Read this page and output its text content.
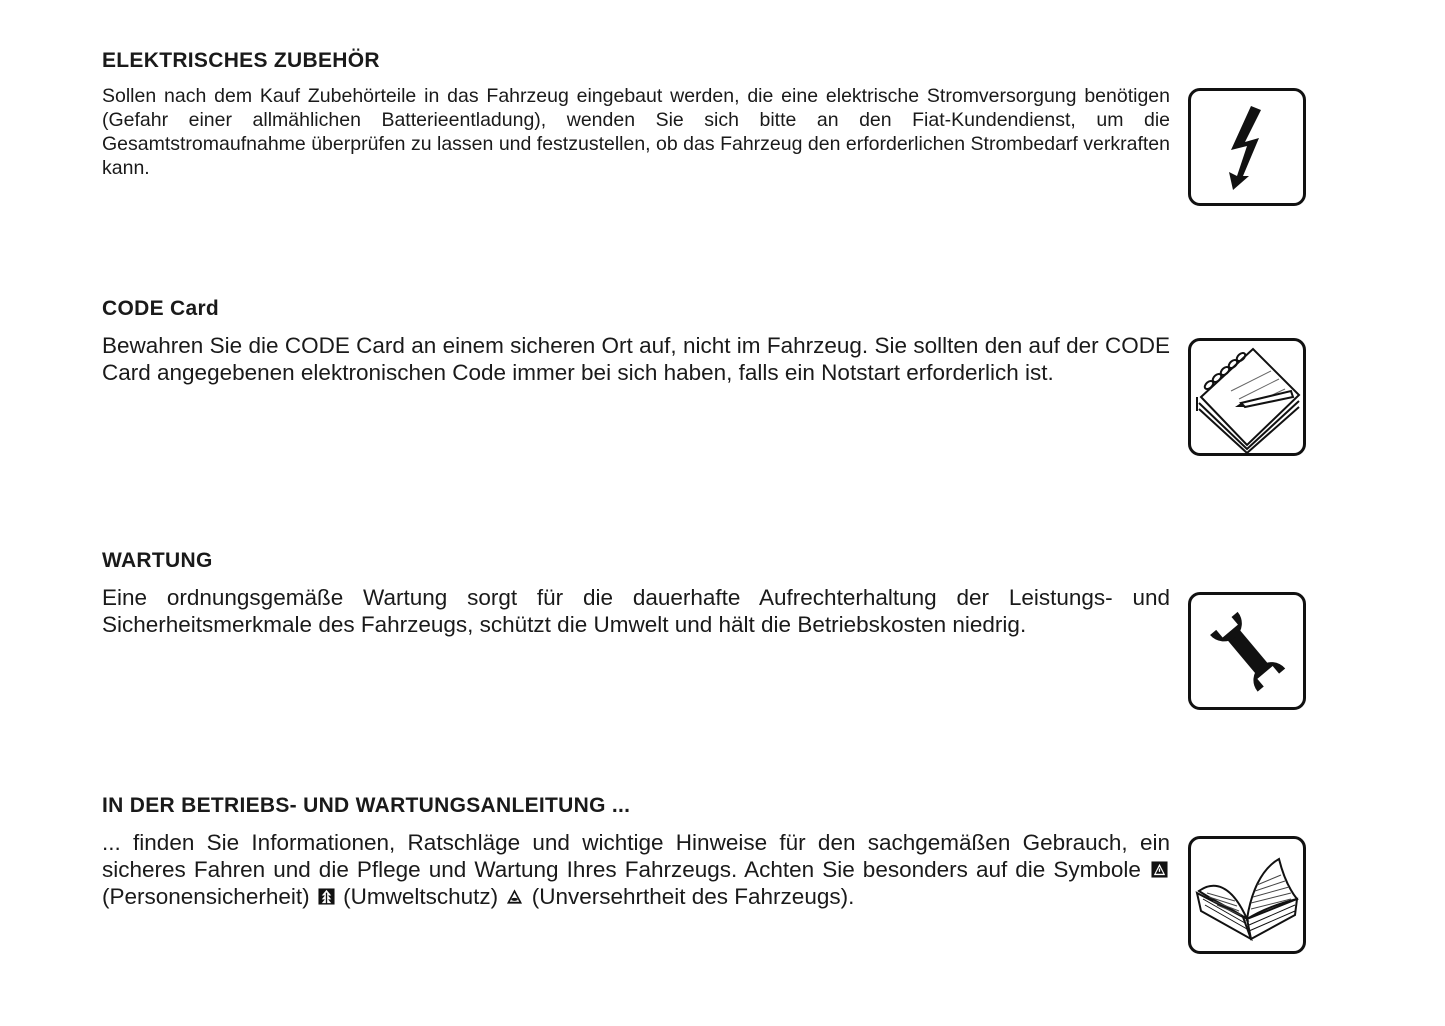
ELEKTRISCHES ZUBEHÖR

Sollen nach dem Kauf Zubehörteile in das Fahrzeug eingebaut werden, die eine elektrische Stromversorgung benötigen (Gefahr einer allmählichen Batterieentladung), wenden Sie sich bitte an den Fiat-Kundendienst, um die Gesamtstromaufnahme überprüfen zu lassen und festzustellen, ob das Fahrzeug den erforderlichen Strombedarf verkraften kann.

CODE Card

Bewahren Sie die CODE Card an einem sicheren Ort auf, nicht im Fahrzeug. Sie sollten den auf der CODE Card angegebenen elektronischen Code immer bei sich haben, falls ein Notstart erforderlich ist.

WARTUNG

Eine ordnungsgemäße Wartung sorgt für die dauerhafte Aufrechterhaltung der Leistungs- und Sicherheitsmerkmale des Fahrzeugs, schützt die Umwelt und hält die Betriebskosten niedrig.

IN DER BETRIEBS- UND WARTUNGSANLEITUNG ...

... finden Sie Informationen, Ratschläge und wichtige Hinweise für den sachgemäßen Gebrauch, ein sicheres Fahren und die Pflege und Wartung Ihres Fahrzeugs. Achten Sie besonders auf die Symbole  (Personensicherheit) (Umweltschutz) (Unversehrtheit des Fahrzeugs).
